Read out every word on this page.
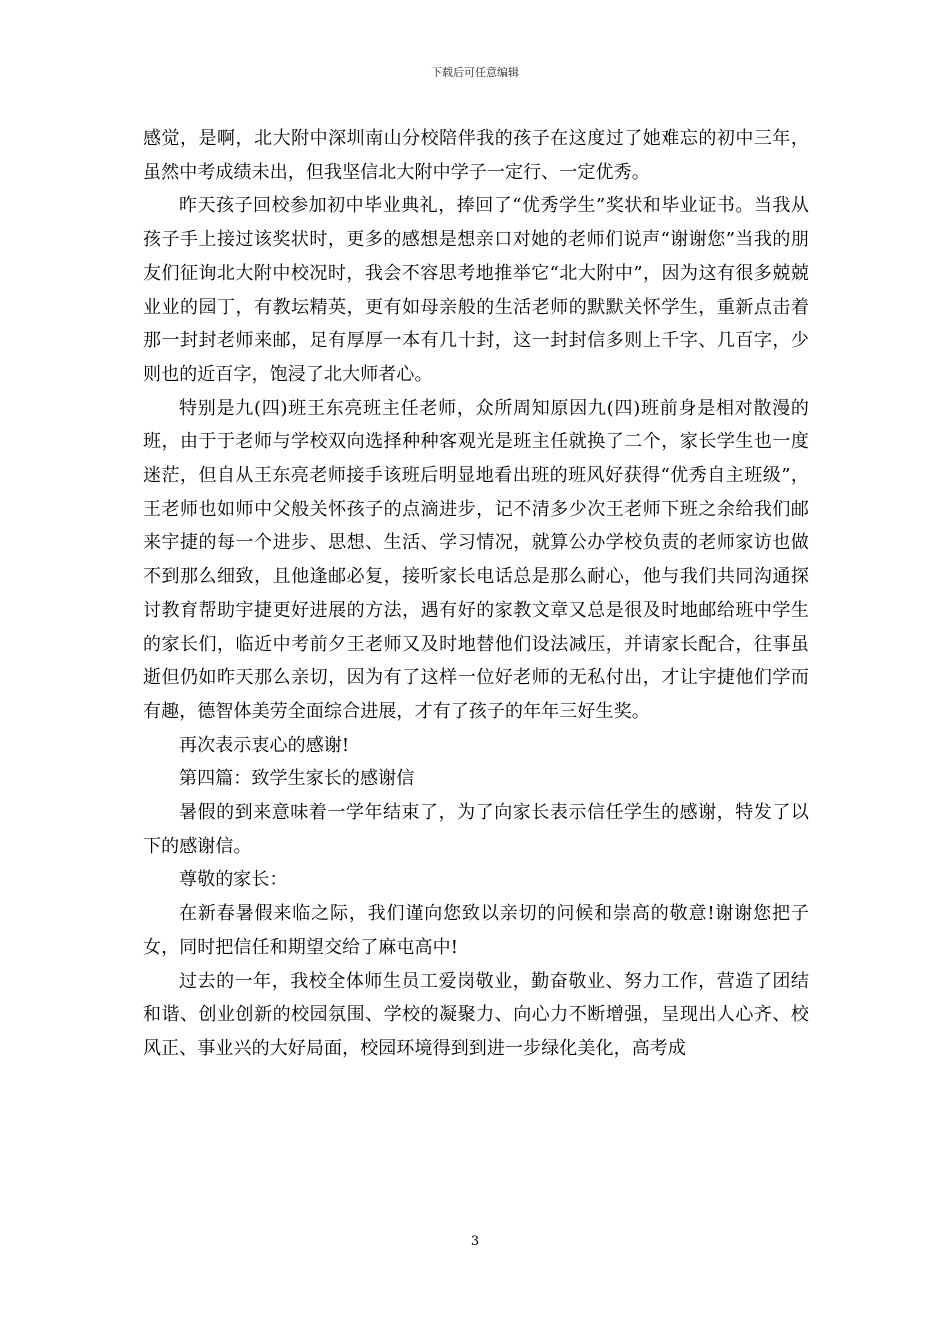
下载后可任意编辑

感觉，是啊，北大附中深圳南山分校陪伴我的孩子在这度过了她难忘的初中三年，虽然中考成绩未出，但我坚信北大附中学子一定行、一定优秀。

昨天孩子回校参加初中毕业典礼，捧回了“优秀学生”奖状和毕业证书。当我从孩子手上接过该奖状时，更多的感想是想亲口对她的老师们说声“谢谢您”当我的朋友们征询北大附中校况时，我会不容思考地推举它“北大附中”，因为这有很多兢兢业业的园丁，有教坛精英，更有如母亲般的生活老师的默默关怀学生，重新点击着那一封封老师来邮，足有厚厚一本有几十封，这一封封信多则上千字、几百字，少则也的近百字，饱浸了北大师者心。

特别是九(四)班王东亮班主任老师，众所周知原因九(四)班前身是相对散漫的班，由于于老师与学校双向选择种种客观光是班主任就换了二个，家长学生也一度迷茫，但自从王东亮老师接手该班后明显地看出班的班风好获得“优秀自主班级”，王老师也如师中父般关怀孩子的点滴进步，记不清多少次王老师下班之余给我们邮来宇捷的每一个进步、思想、生活、学习情况，就算公办学校负责的老师家访也做不到那么细致，且他逢邮必复，接听家长电话总是那么耐心，他与我们共同沟通探讨教育帮助宇捷更好进展的方法，遇有好的家教文章又总是很及时地邮给班中学生的家长们，临近中考前夕王老师又及时地替他们设法减压，并请家长配合，往事虽逝但仍如昨天那么亲切，因为有了这样一位好老师的无私付出，才让宇捷他们学而有趣，德智体美劳全面综合进展，才有了孩子的年年三好生奖。

再次表示衷心的感谢!

第四篇：致学生家长的感谢信

暑假的到来意味着一学年结束了，为了向家长表示信任学生的感谢，特发了以下的感谢信。

尊敬的家长：

在新春暑假来临之际，我们谨向您致以亲切的问候和崇高的敬意!谢谢您把子女，同时把信任和期望交给了麻屯高中!

过去的一年，我校全体师生员工爱岗敬业，勤奋敬业、努力工作，营造了团结和谐、创业创新的校园氛围、学校的凝聚力、向心力不断增强，呈现出人心齐、校风正、事业兴的大好局面，校园环境得到到进一步绿化美化，高考成

3
